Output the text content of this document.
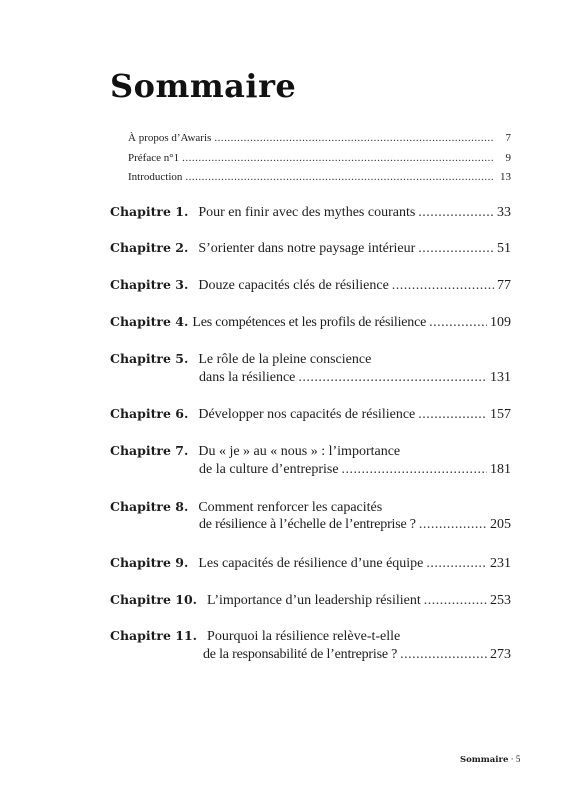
Sommaire
À propos d’Awaris .....	7
Préface n°1 .....	9
Introduction .....	13
Chapitre 1. Pour en finir avec des mythes courants .....	33
Chapitre 2. S’orienter dans notre paysage intérieur .....	51
Chapitre 3. Douze capacités clés de résilience .....	77
Chapitre 4. Les compétences et les profils de résilience .....	109
Chapitre 5. Le rôle de la pleine conscience
dans la résilience .....	131
Chapitre 6. Développer nos capacités de résilience .....	157
Chapitre 7. Du « je » au « nous » : l’importance
de la culture d’entreprise .....	181
Chapitre 8. Comment renforcer les capacités
de résilience à l’échelle de l’entreprise ? .....	205
Chapitre 9. Les capacités de résilience d’une équipe .....	231
Chapitre 10. L’importance d’un leadership résilient .....	253
Chapitre 11. Pourquoi la résilience relève-t-elle
de la responsabilité de l’entreprise ? .....	273
Sommaire · 5
